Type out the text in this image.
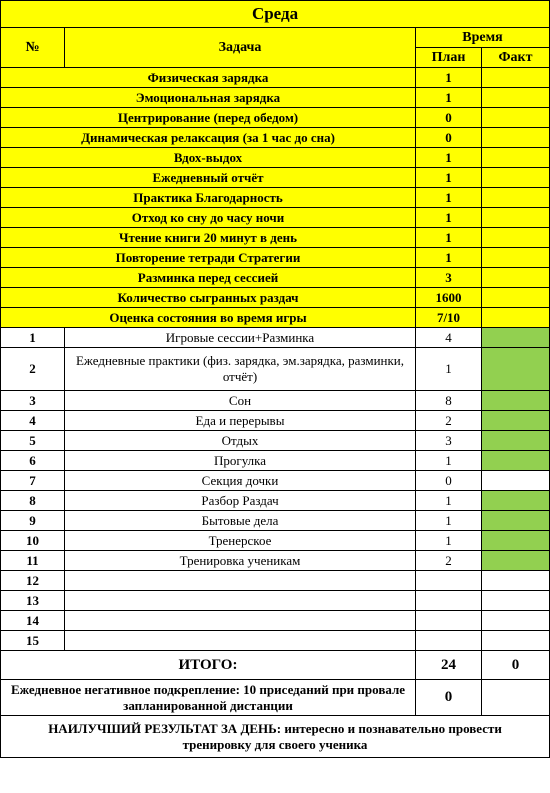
Среда			
№	Задача	Время	
		План	Факт
Физическая зарядка		1	
Эмоциональная зарядка		1	
Центрирование (перед обедом)		0	
Динамическая релаксация (за 1 час до сна)		0	
Вдох-выдох		1	
Ежедневный отчёт		1	
Практика Благодарность		1	
Отход ко сну до часу ночи		1	
Чтение книги 20 минут в день		1	
Повторение тетради Стратегии		1	
Разминка перед сессией		3	
Количество сыгранных раздач		1600	
Оценка состояния во время игры		7/10	
1	Игровые сессии+Разминка	4	
2	Ежедневные практики (физ. зарядка, эм.зарядка, разминки, отчёт)	1	
3	Сон	8	
4	Еда и перерывы	2	
5	Отдых	3	
6	Прогулка	1	
7	Секция дочки	0	
8	Разбор Раздач	1	
9	Бытовые дела	1	
10	Тренерское	1	
11	Тренировка ученикам	2	
12			
13			
14			
15			
ИТОГО:		24	0
Ежедневное негативное подкрепление: 10 приседаний при провале запланированной дистанции		0	
НАИЛУЧШИЙ РЕЗУЛЬТАТ ЗА ДЕНЬ: интересно и познавательно провести тренировку для своего ученика			
